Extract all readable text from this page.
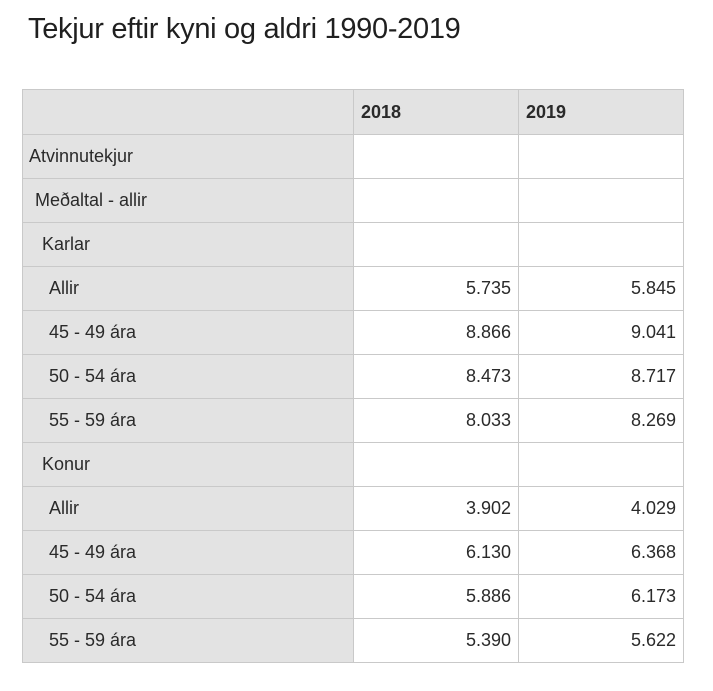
Tekjur eftir kyni og aldri 1990-2019
	2018	2019
Atvinnutekjur		
Meðaltal - allir		
Karlar		
Allir	5.735	5.845
45 - 49 ára	8.866	9.041
50 - 54 ára	8.473	8.717
55 - 59 ára	8.033	8.269
Konur		
Allir	3.902	4.029
45 - 49 ára	6.130	6.368
50 - 54 ára	5.886	6.173
55 - 59 ára	5.390	5.622
